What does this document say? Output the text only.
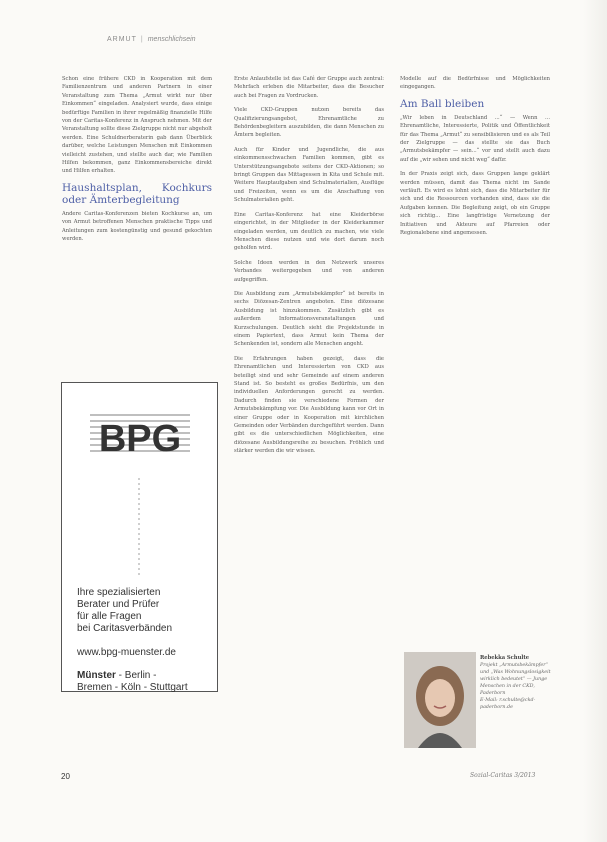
ARMUT | menschlichsein

Schon eine frühere CKD in Kooperation mit dem Familienzentrum und anderen Partnern in einer Veranstaltung zum Thema „Armut wirkt nur über Einkommen“ eingeladen. Analysiert wurde, dass einige bedürftige Familien in ihrer regelmäßig finanzielle Hilfe von der Caritas-Konferenz in Anspruch nehmen. Mit der Veranstaltung sollte diese Zielgruppe nicht nur abgeholt werden. Eine Schuldnerberaterin gab dann Überblick darüber, welche Leistungen Menschen mit Einkommen vielleicht zustehen, und stellte auch dar, wie Familien Hilfen bekommen, ganz Einkommensbereiche direkt und Hilfen erhalten.

Haushaltsplan, Kochkurs oder Ämterbegleitung

Andere Caritas-Konferenzen bieten Kochkurse an, um von Armut betroffenen Menschen praktische Tipps und Anleitungen zum kostengünstig und gesund gekochten werden.

Erste Anlaufstelle ist das Café der Gruppe auch zentral: Mehrfach erleben die Mitarbeiter, dass die Besucher auch bei Fragen zu Vordrucken.

Viele CKD-Gruppen nutzen bereits das Qualifizierungsangebot, Ehrenamtliche zu Behördenbegleitern auszubilden, die dann Menschen zu Ämtern begleiten.

Auch für Kinder und Jugendliche, die aus einkommensschwachen Familien kommen, gibt es Unterstützungsangebote seitens der CKD-Aktionen; so bringt Gruppen das Mittagessen in Kita und Schule mit. Weitere Hauptaufgaben sind Schulmaterialien, Ausflüge und Freizeiten, wenn es um die Anschaffung von Schulmaterialien geht.

Eine Caritas-Konferenz hat eine Kleiderbörse eingerichtet, in der Mitglieder in der Kleiderkammer eingeladen werden, um deutlich zu machen, wie viele Menschen diese nutzen und wie dort darum noch geholfen wird.

Solche Ideen werden in den Netzwerk unseres Verbandes weitergegeben und von anderen aufgegriffen.

Die Ausbildung zum „Armutsbekämpfer“ ist bereits in sechs Diözesan-Zentren angeboten. Eine diözesane Ausbildung ist hinzukommen. Zusätzlich gibt es außerdem Informationsveranstaltungen und Kurzschulungen. Deutlich sieht die Projektstunde in einem Papiertext, dass Armut kein Thema der Schenkenden ist, sondern alle Menschen angeht.

Die Erfahrungen haben gezeigt, dass die Ehrenamtlichen und Interessierten von CKD aus beteiligt sind und sehr Gemeinde auf einem anderen Stand ist. So besteht es großes Bedürfnis, um den individuellen Anforderungen gerecht zu werden. Dadurch finden sie verschiedene Formen der Armutsbekämpfung vor. Die Ausbildung kann vor Ort in einer Gruppe oder in Kooperation mit kirchlichen Gemeinden oder Verbänden durchgeführt werden. Dann gibt es die unterschiedlichen Möglichkeiten, eine diözesane Ausbildungsreihe zu besuchen. Fröhlich und stärker werden die wir wissen.

Modelle auf die Bedürfnisse und Möglichkeiten eingegangen.

Am Ball bleiben

„Wir leben in Deutschland ...“ — Wenn ... Ehrenamtliche, Interessierte, Politik und Öffentlichkeit für das Thema „Armut“ zu sensibilisieren und es als Teil der Zielgruppe — das stellte sie das Buch „Armutsbekämpfer — sein...“ vor und stellt auch dazu auf die „wir sehen und nicht weg“ dafür.

In der Praxis zeigt sich, dass Gruppen lange geklärt werden müssen, damit das Thema nicht im Sande verläuft. Es wird es lohnt sich, dass die Mitarbeiter für sich und die Ressourcen vorhanden sind, dass sie die Aufgaben kennen. Die Begleitung zeigt, ob ein Gruppe sich richtig... Eine langfristige Vernetzung der Initiativen und Akteure auf Pfarreien oder Regionalebene sind angemessen.

BPG
Ihre spezialisierten
Berater und Prüfer
für alle Fragen
bei Caritasverbänden
www.bpg-muenster.de
Münster - Berlin -
Bremen - Köln - Stuttgart
Rebekka Schulte
Projekt „Armutsbekämpfer“ und „Was Wohnungslosigkeit wirklich bedeutet“ — Junge Menschen in der CKD, Paderborn
E-Mail: r.schulte@ckd-paderborn.de
20	Sozial-Caritas 3/2013
